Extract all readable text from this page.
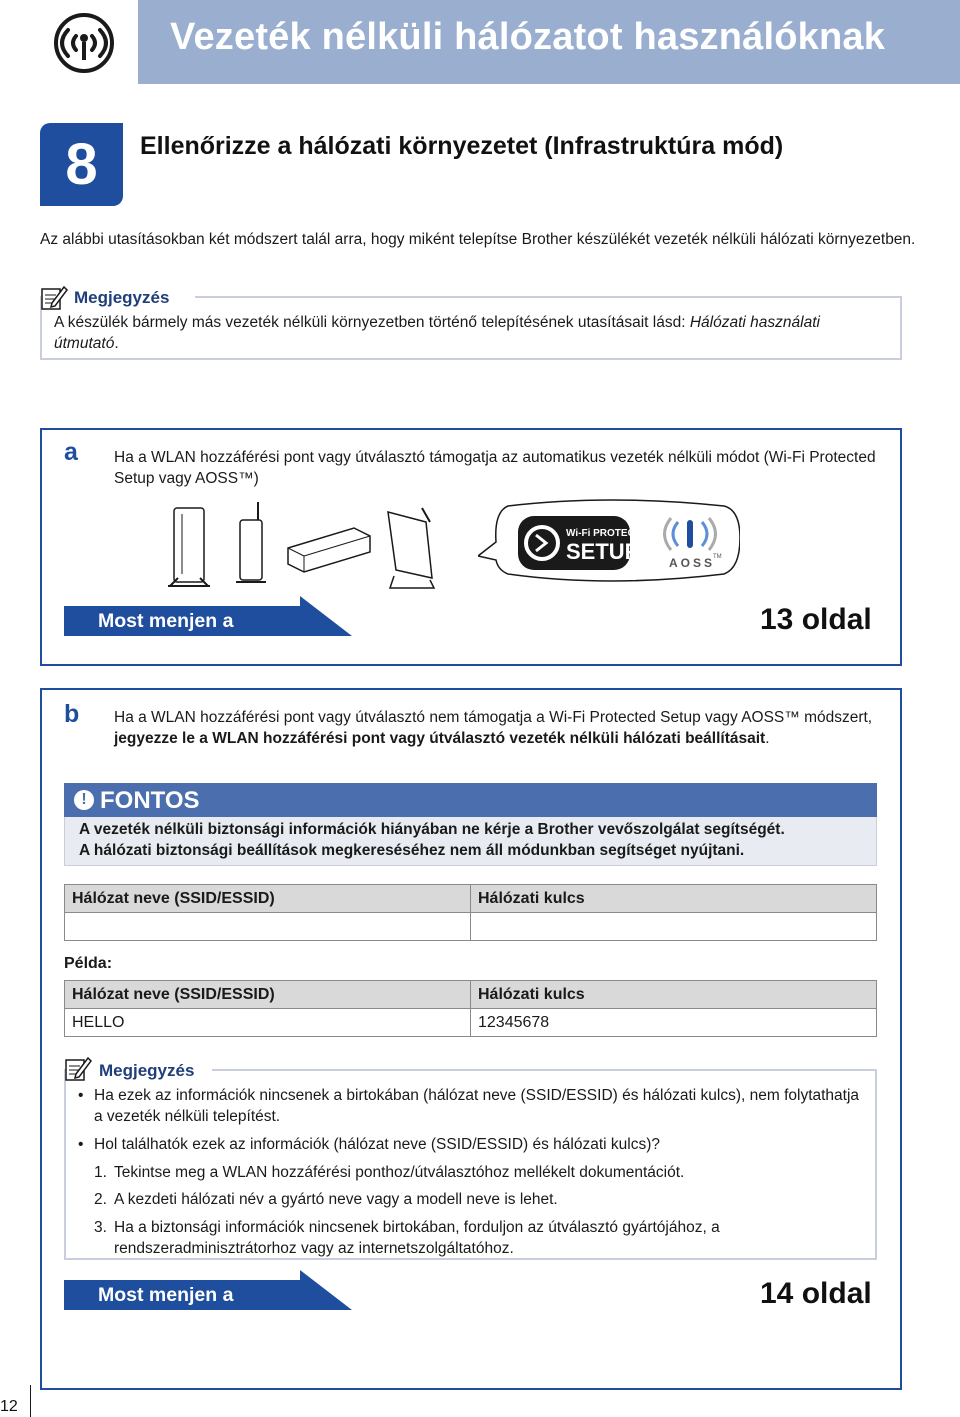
Vezeték nélküli hálózatot használóknak
8	Ellenőrizze a hálózati környezetet (Infrastruktúra mód)
Az alábbi utasításokban két módszert talál arra, hogy miként telepítse Brother készülékét vezeték nélküli hálózati környezetben.
Megjegyzés
A készülék bármely más vezeték nélküli környezetben történő telepítésének utasításait lásd: Hálózati használati útmutató.
a Ha a WLAN hozzáférési pont vagy útválasztó támogatja az automatikus vezeték nélküli módot (Wi-Fi Protected Setup vagy AOSS™)
Wi-Fi PROTECTED
SETUP AOSS
TM
Most menjen a	13 oldal
b Ha a WLAN hozzáférési pont vagy útválasztó nem támogatja a Wi-Fi Protected Setup vagy AOSS™ módszert, jegyezze le a WLAN hozzáférési pont vagy útválasztó vezeték nélküli hálózati beállításait.
! FONTOS
A vezeték nélküli biztonsági információk hiányában ne kérje a Brother vevőszolgálat segítségét.
A hálózati biztonsági beállítások megkereséséhez nem áll módunkban segítséget nyújtani.
Hálózat neve (SSID/ESSID)	Hálózati kulcs

Példa:
Hálózat neve (SSID/ESSID)	Hálózati kulcs
HELLO	12345678
Megjegyzés
• Ha ezek az információk nincsenek a birtokában (hálózat neve (SSID/ESSID) és hálózati kulcs), nem folytathatja a vezeték nélküli telepítést.
• Hol találhatók ezek az információk (hálózat neve (SSID/ESSID) és hálózati kulcs)?
1. Tekintse meg a WLAN hozzáférési ponthoz/útválasztóhoz mellékelt dokumentációt.
2. A kezdeti hálózati név a gyártó neve vagy a modell neve is lehet.
3. Ha a biztonsági információk nincsenek birtokában, forduljon az útválasztó gyártójához, a rendszeradminisztrátorhoz vagy az internetszolgáltatóhoz.
Most menjen a	14 oldal
12
